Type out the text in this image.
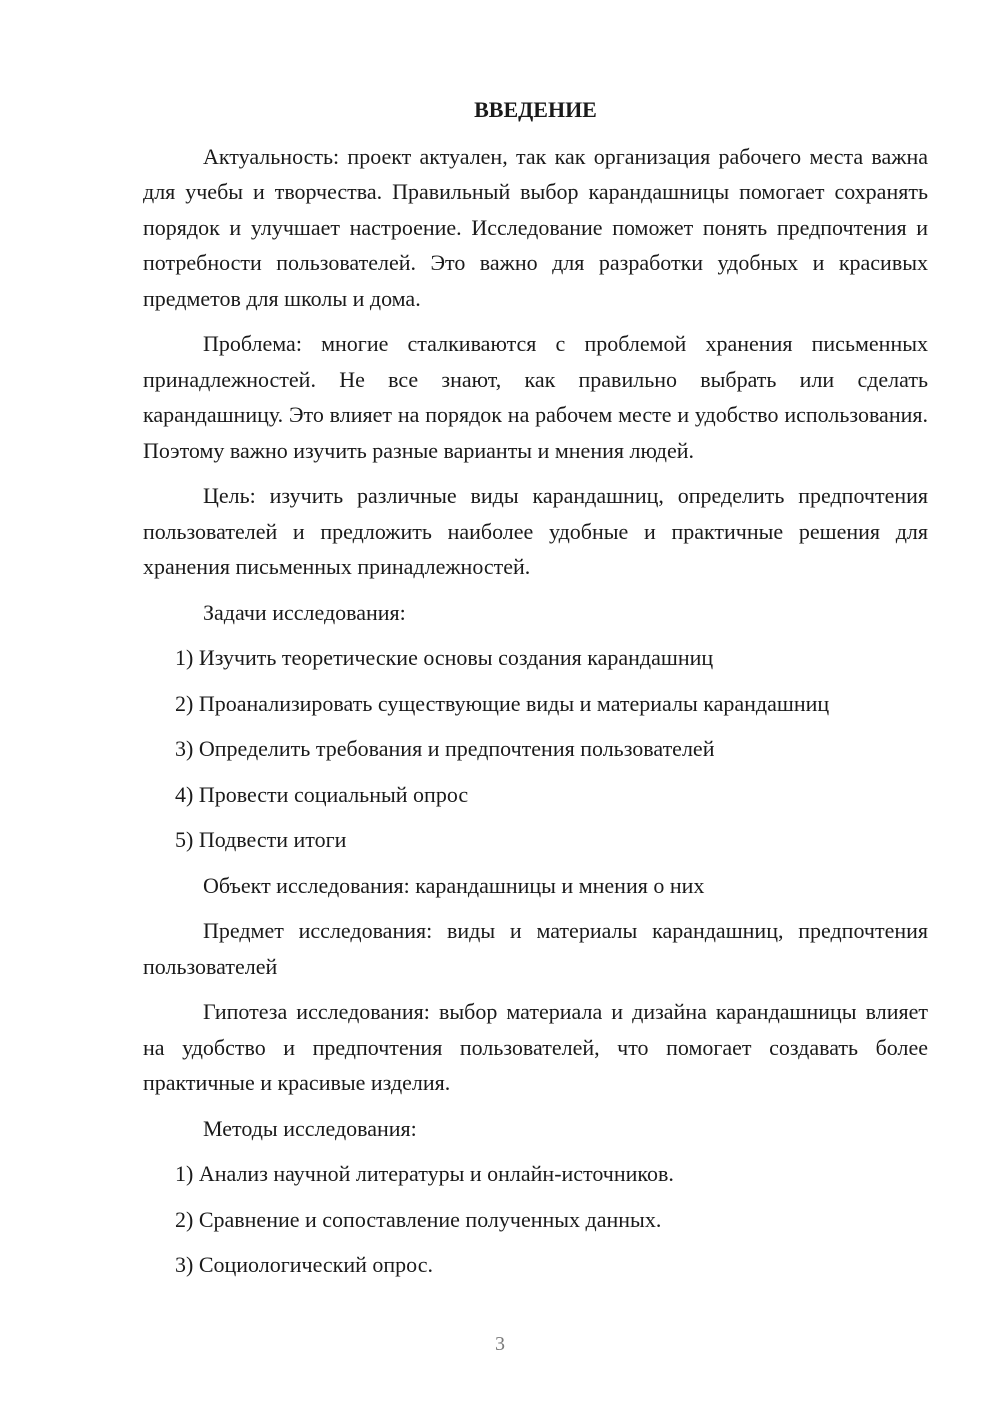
ВВЕДЕНИЕ

Актуальность: проект актуален, так как организация рабочего места важна для учебы и творчества. Правильный выбор карандашницы помогает сохранять порядок и улучшает настроение. Исследование поможет понять предпочтения и потребности пользователей. Это важно для разработки удобных и красивых предметов для школы и дома.

Проблема: многие сталкиваются с проблемой хранения письменных принадлежностей. Не все знают, как правильно выбрать или сделать карандашницу. Это влияет на порядок на рабочем месте и удобство использования. Поэтому важно изучить разные варианты и мнения людей.

Цель: изучить различные виды карандашниц, определить предпочтения пользователей и предложить наиболее удобные и практичные решения для хранения письменных принадлежностей.

Задачи исследования:

1) Изучить теоретические основы создания карандашниц

2) Проанализировать существующие виды и материалы карандашниц

3) Определить требования и предпочтения пользователей

4) Провести социальный опрос

5) Подвести итоги

Объект исследования: карандашницы и мнения о них

Предмет исследования: виды и материалы карандашниц, предпочтения пользователей

Гипотеза исследования: выбор материала и дизайна карандашницы влияет на удобство и предпочтения пользователей, что помогает создавать более практичные и красивые изделия.

Методы исследования:

1) Анализ научной литературы и онлайн-источников.

2) Сравнение и сопоставление полученных данных.

3) Социологический опрос.

3
